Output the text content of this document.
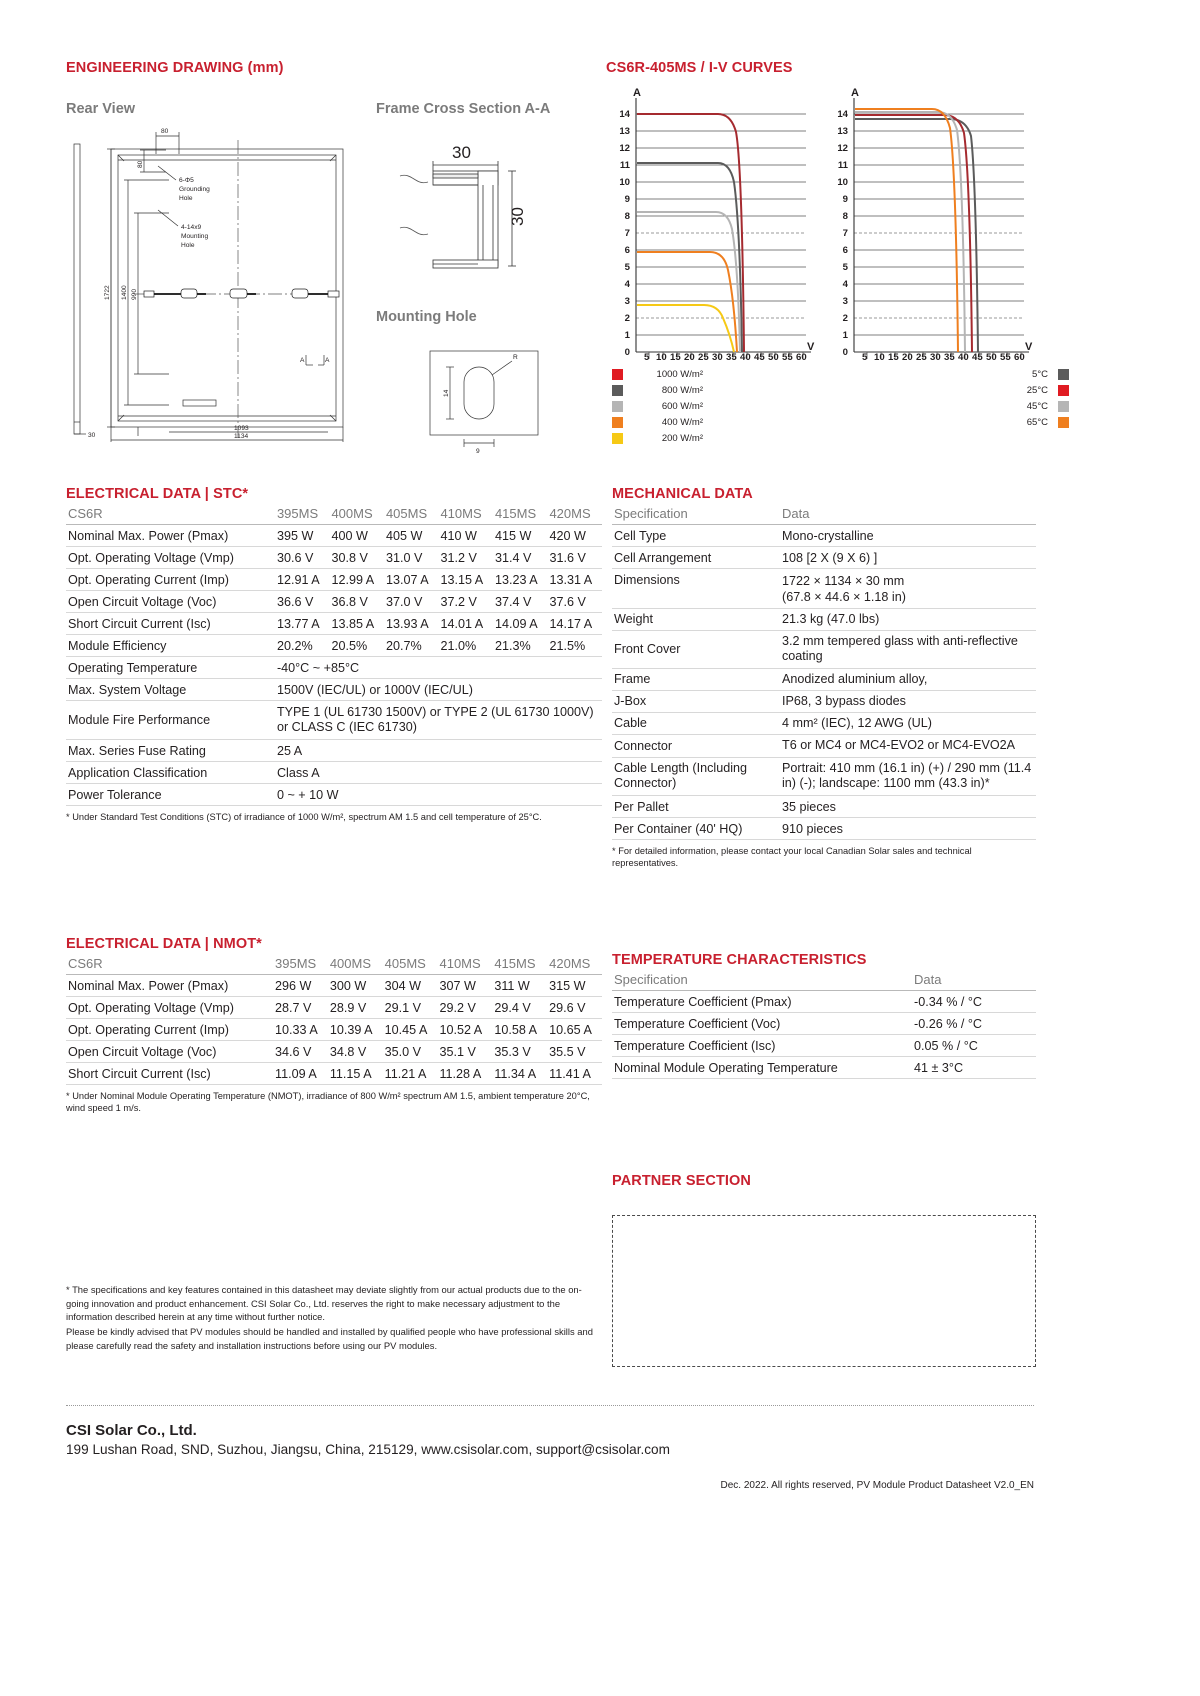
ENGINEERING DRAWING (mm)
Rear View	Frame Cross Section A-A
Mounting Hole
80
80
6-Φ5
Grounding
Hole
4-14x9
Mounting
Hole
1722 1400 990
1093
1134
30
A	A
30
30
R
14
9
CS6R-405MS / I-V CURVES
A
14
13
12
11
10
9
8
7
6
5
4
3
2
1
0	V
A
14
13
12
11
10
9
8
7
6
5
4
3
2
1
0	V
5 10 15 20 25 30 35 40 45 50 55 60	5 10 15 20 25 30 35 40 45 50 55 60
1000 W/m²
800 W/m²
600 W/m²
400 W/m²
200 W/m²
5°C
25°C
45°C
65°C
ELECTRICAL DATA | STC*
CS6R	395MS	400MS	405MS	410MS	415MS	420MS
Nominal Max. Power (Pmax)	395 W	400 W	405 W	410 W	415 W	420 W
Opt. Operating Voltage (Vmp)	30.6 V	30.8 V	31.0 V	31.2 V	31.4 V	31.6 V
Opt. Operating Current (Imp)	12.91 A	12.99 A	13.07 A	13.15 A	13.23 A	13.31 A
Open Circuit Voltage (Voc)	36.6 V	36.8 V	37.0 V	37.2 V	37.4 V	37.6 V
Short Circuit Current (Isc)	13.77 A	13.85 A	13.93 A	14.01 A	14.09 A	14.17 A
Module Efficiency	20.2%	20.5%	20.7%	21.0%	21.3%	21.5%
Operating Temperature	-40°C ~ +85°C					
Max. System Voltage	1500V (IEC/UL) or 1000V (IEC/UL)					
Module Fire Performance	TYPE 1 (UL 61730 1500V) or TYPE 2 (UL 61730 1000V) or CLASS C (IEC 61730)					
Max. Series Fuse Rating	25 A					
Application Classification	Class A					
Power Tolerance	0 ~ + 10 W					
* Under Standard Test Conditions (STC) of irradiance of 1000 W/m², spectrum AM 1.5 and cell temperature of 25°C.
MECHANICAL DATA
Specification	Data
Cell Type	Mono-crystalline
Cell Arrangement	108 [2 X (9 X 6) ]
Dimensions	1722 × 1134 × 30 mm
	(67.8 × 44.6 × 1.18 in)
Weight	21.3 kg (47.0 lbs)
Front Cover	3.2 mm tempered glass with anti-reflective coating
Frame	Anodized aluminium alloy,
J-Box	IP68, 3 bypass diodes
Cable	4 mm² (IEC), 12 AWG (UL)
Connector	T6 or MC4 or MC4-EVO2 or MC4-EVO2A
Cable Length (Including Connector)	Portrait: 410 mm (16.1 in) (+) / 290 mm (11.4 in) (-); landscape: 1100 mm (43.3 in)*
Per Pallet	35 pieces
Per Container (40' HQ)	910 pieces
* For detailed information, please contact your local Canadian Solar sales and technical representatives.
ELECTRICAL DATA | NMOT*
CS6R	395MS	400MS	405MS	410MS	415MS	420MS
Nominal Max. Power (Pmax)	296 W	300 W	304 W	307 W	311 W	315 W
Opt. Operating Voltage (Vmp)	28.7 V	28.9 V	29.1 V	29.2 V	29.4 V	29.6 V
Opt. Operating Current (Imp)	10.33 A	10.39 A	10.45 A	10.52 A	10.58 A	10.65 A
Open Circuit Voltage (Voc)	34.6 V	34.8 V	35.0 V	35.1 V	35.3 V	35.5 V
Short Circuit Current (Isc)	11.09 A	11.15 A	11.21 A	11.28 A	11.34 A	11.41 A
* Under Nominal Module Operating Temperature (NMOT), irradiance of 800 W/m² spectrum AM 1.5, ambient temperature 20°C, wind speed 1 m/s.
TEMPERATURE CHARACTERISTICS
Specification	Data
Temperature Coefficient (Pmax)	-0.34 % / °C
Temperature Coefficient (Voc)	-0.26 % / °C
Temperature Coefficient (Isc)	0.05 % / °C
Nominal Module Operating Temperature	41 ± 3°C
PARTNER SECTION

* The specifications and key features contained in this datasheet may deviate slightly from our actual products due to the on-going innovation and product enhancement. CSI Solar Co., Ltd. reserves the right to make necessary adjustment to the information described herein at any time without further notice.

Please be kindly advised that PV modules should be handled and installed by qualified people who have professional skills and please carefully read the safety and installation instructions before using our PV modules.

CSI Solar Co., Ltd.
199 Lushan Road, SND, Suzhou, Jiangsu, China, 215129, www.csisolar.com, support@csisolar.com
Dec. 2022. All rights reserved, PV Module Product Datasheet V2.0_EN
